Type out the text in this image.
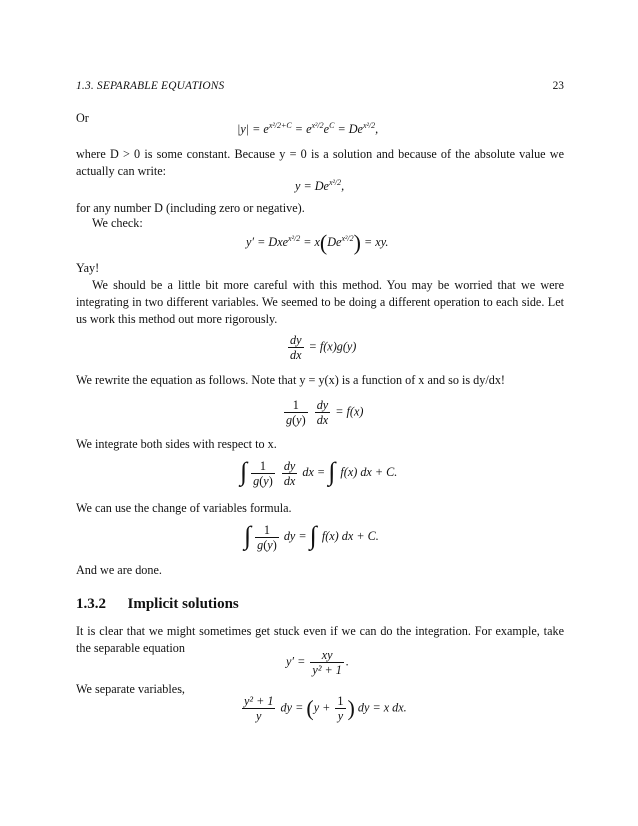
1.3. SEPARABLE EQUATIONS	23
Or
$|y| = e^{x^2/2+C} = e^{x^2/2}e^C = De^{x^2/2}$,
where D > 0 is some constant. Because y = 0 is a solution and because of the absolute value we actually can write:
$y = De^{x^2/2}$,
for any number D (including zero or negative).
We check:
$y' = Dxe^{x^2/2} = x(De^{x^2/2})$ = xy.
Yay!
We should be a little bit more careful with this method. You may be worried that we were integrating in two different variables. We seemed to be doing a different operation to each side. Let us work this method out more rigorously.
$\frac{dy}{dx} = f(x)g(y)$
We rewrite the equation as follows. Note that y = y(x) is a function of x and so is dy/dx!
$\frac{1}{g(y)}$
$\frac{dy}{dx} = f(x)$
We integrate both sides with respect to x.
∫ $\frac{1}{g(y)}$
$\frac{dy}{dx}$ dx = ∫ f(x) dx + C.
We can use the change of variables formula.
∫ $\frac{1}{g(y)}$ dy = ∫ f(x) dx + C.
And we are done.
1.3.2 Implicit solutions
It is clear that we might sometimes get stuck even if we can do the integration. For example, take the separable equation
$y' = \frac{xy}{\text{y² + 1}}$ .
We separate variables,
$\frac{\text{y² + 1}}{y}$ dy = ($y + \frac{1}{y}$ ) dy = x dx.
